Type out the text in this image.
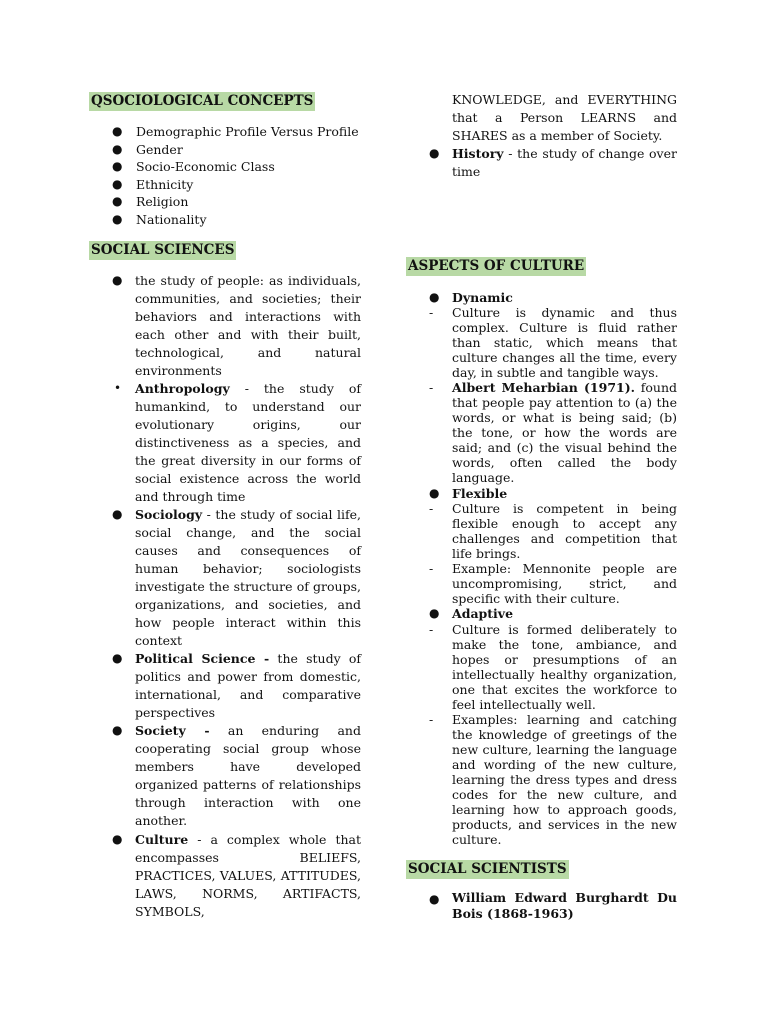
QSOCIOLOGICAL CONCEPTS
● Demographic Profile Versus Profile
● Gender
● Socio-Economic Class
● Ethnicity
● Religion
● Nationality
SOCIAL SCIENCES
● the study of people: as individuals, communities, and societies; their behaviors and interactions with each other and with their built, technological, and natural environments
• Anthropology - the study of humankind, to understand our evolutionary origins, our distinctiveness as a species, and the great diversity in our forms of social existence across the world and through time
● Sociology - the study of social life, social change, and the social causes and consequences of human behavior; sociologists investigate the structure of groups, organizations, and societies, and how people interact within this context
● Political Science - the study of politics and power from domestic, international, and comparative perspectives
● Society - an enduring and cooperating social group whose members have developed organized patterns of relationships through interaction with one another.
● Culture - a complex whole that encompasses BELIEFS, PRACTICES, VALUES, ATTITUDES, LAWS, NORMS, ARTIFACTS, SYMBOLS,
KNOWLEDGE, and EVERYTHING that a Person LEARNS and SHARES as a member of Society.
● History - the study of change over time
ASPECTS OF CULTURE
● Dynamic
- Culture is dynamic and thus complex. Culture is fluid rather than static, which means that culture changes all the time, every day, in subtle and tangible ways.
- Albert Meharbian (1971). found that people pay attention to (a) the words, or what is being said; (b) the tone, or how the words are said; and (c) the visual behind the words, often called the body language.
● Flexible
- Culture is competent in being flexible enough to accept any challenges and competition that life brings.
- Example: Mennonite people are uncompromising, strict, and specific with their culture.
● Adaptive
- Culture is formed deliberately to make the tone, ambiance, and hopes or presumptions of an intellectually healthy organization, one that excites the workforce to feel intellectually well.
- Examples: learning and catching the knowledge of greetings of the new culture, learning the language and wording of the new culture, learning the dress types and dress codes for the new culture, and learning how to approach goods, products, and services in the new culture.
SOCIAL SCIENTISTS
● William Edward Burghardt Du Bois (1868-1963)
